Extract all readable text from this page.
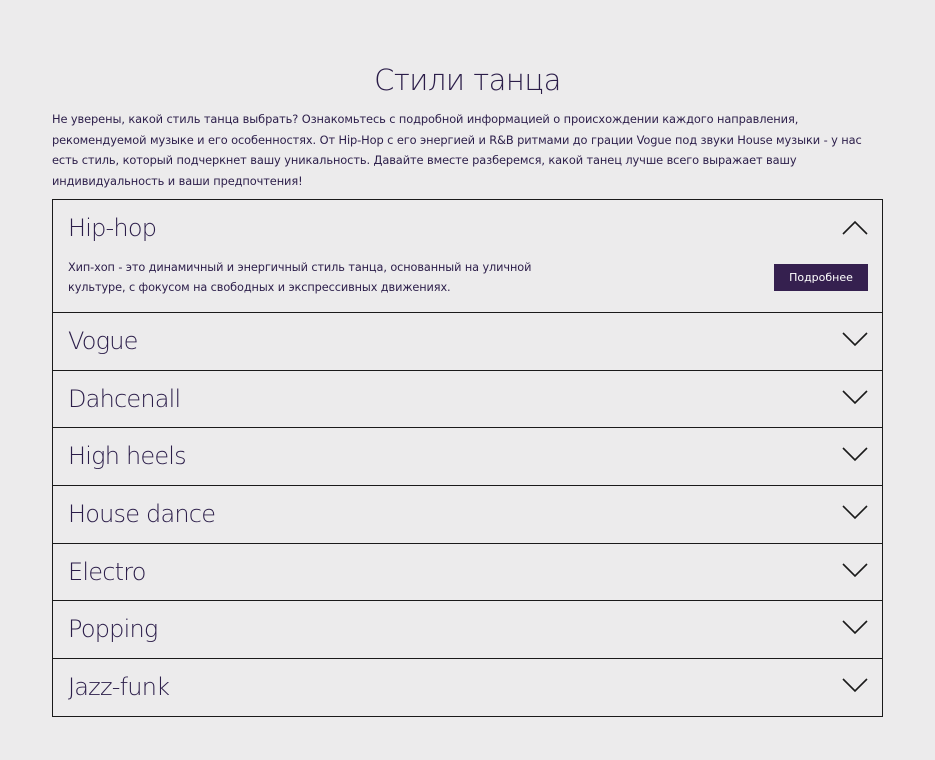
Стили танца

Не уверены, какой стиль танца выбрать? Ознакомьтесь с подробной информацией о происхождении каждого направления, рекомендуемой музыке и его особенностях. От Hip-Hop с его энергией и R&B ритмами до грации Vogue под звуки House музыки - у нас есть стиль, который подчеркнет вашу уникальность. Давайте вместе разберемся, какой танец лучше всего выражает вашу индивидуальность и ваши предпочтения!

Hip-hop
Хип-хоп - это динамичный и энергичный стиль танца, основанный на уличной культуре, с фокусом на свободных и экспрессивных движениях.
Подробнее
Vogue
Dahcenall
High heels
House dance
Electro
Popping
Jazz-funk
